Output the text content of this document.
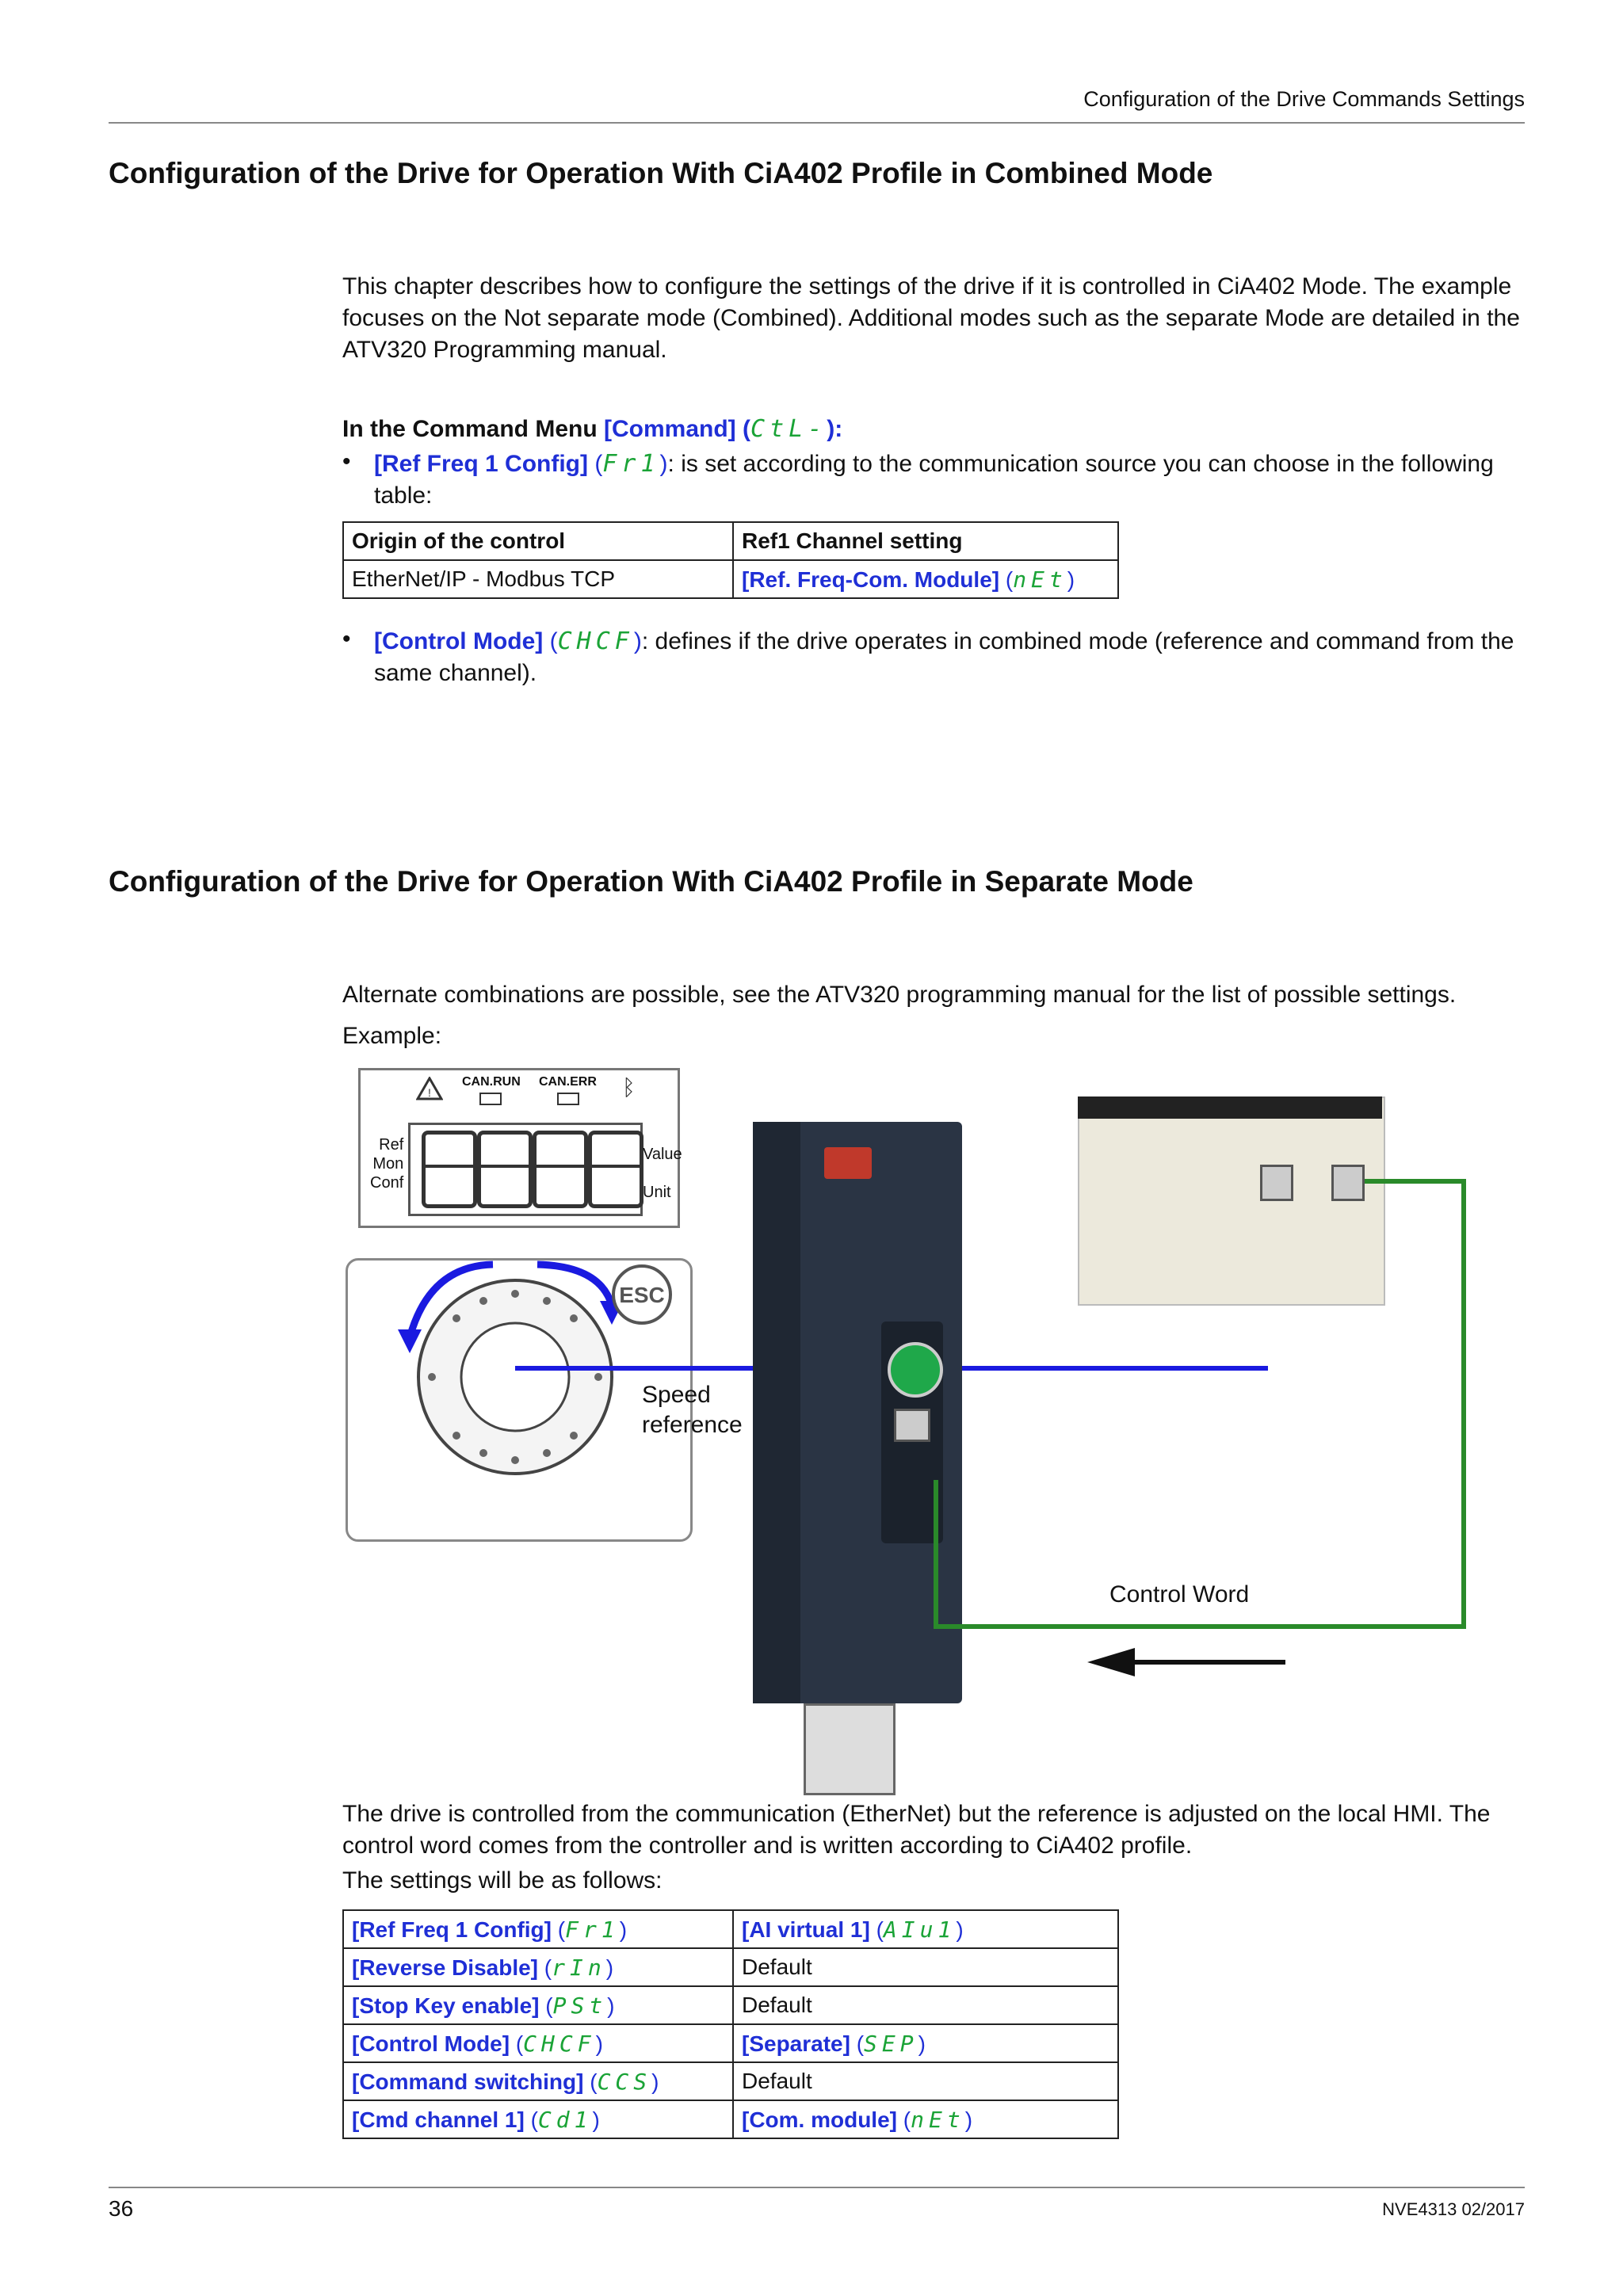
Configuration of the Drive Commands Settings
Configuration of the Drive for Operation With CiA402 Profile in Combined Mode
This chapter describes how to configure the settings of the drive if it is controlled in CiA402 Mode. The example focuses on the Not separate mode (Combined). Additional modes such as the separate Mode are detailed in the ATV320 Programming manual.
In the Command Menu [Command] (CtL-):
• [Ref Freq 1 Config] (Fr1): is set according to the communication source you can choose in the following table:
Origin of the control	Ref1 Channel setting
EtherNet/IP - Modbus TCP	[Ref. Freq-Com. Module] (nEt)
• [Control Mode] (CHCF): defines if the drive operates in combined mode (reference and command from the same channel).
Configuration of the Drive for Operation With CiA402 Profile in Separate Mode
Alternate combinations are possible, see the ATV320 programming manual for the list of possible settings.
Example:
!
CAN.RUN CAN.ERR ᛒ
Ref
Mon
Conf
Value
Unit
ESC
Speed reference
Control Word
The drive is controlled from the communication (EtherNet) but the reference is adjusted on the local HMI. The control word comes from the controller and is written according to CiA402 profile.
The settings will be as follows:
[Ref Freq 1 Config] (Fr1)	[AI virtual 1] (AIu1)
[Reverse Disable] (rIn)	Default
[Stop Key enable] (PSt)	Default
[Control Mode] (CHCF)	[Separate] (SEP)
[Command switching] (CCS)	Default
[Cmd channel 1] (Cd1)	[Com. module] (nEt)
36	NVE4313 02/2017
